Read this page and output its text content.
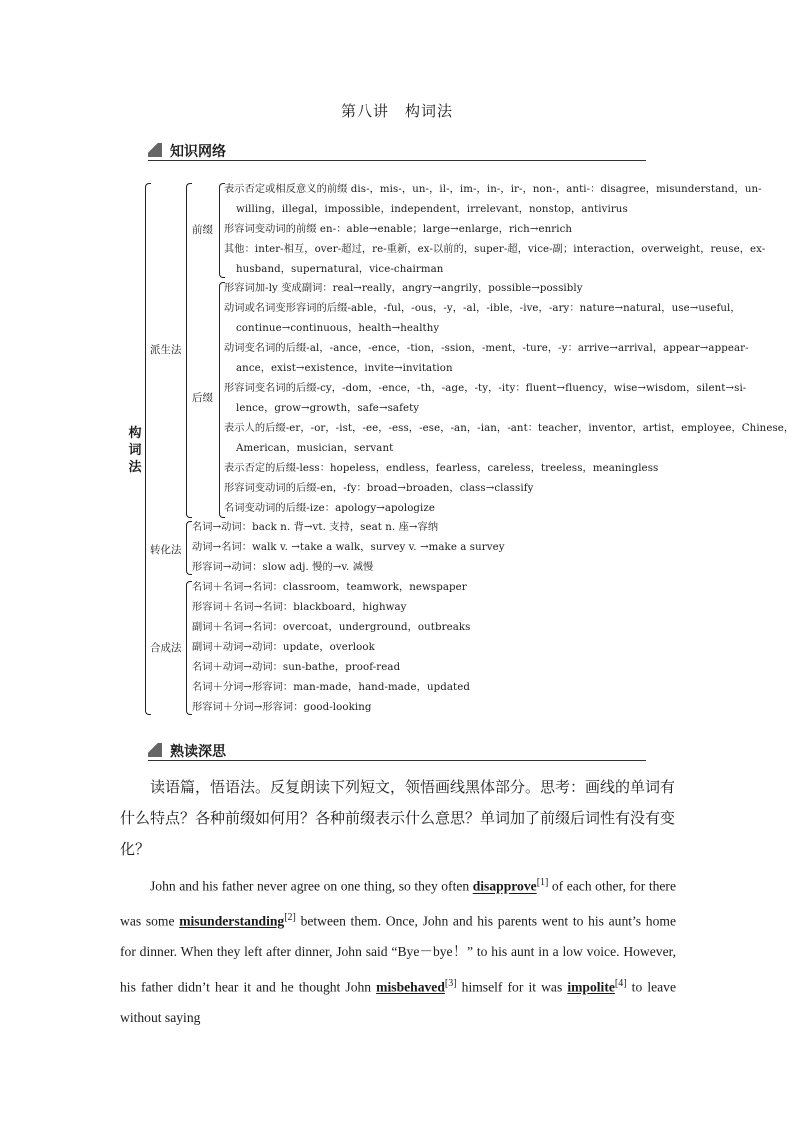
第八讲　构词法
知识网络
构词法
派生法
前缀
表示否定或相反意义的前缀 dis-，mis-，un-，il-，im-，in-，ir-，non-，anti-：disagree，misunderstand，un-
willing，illegal，impossible，independent，irrelevant，nonstop，antivirus
形容词变动词的前缀 en-：able→enable；large→enlarge，rich→enrich
其他：inter-相互，over-超过，re-重新，ex-以前的，super-超，vice-副；interaction，overweight，reuse，ex-
husband，supernatural，vice-chairman
后缀
形容词加-ly 变成副词：real→really，angry→angrily，possible→possibly
动词或名词变形容词的后缀-able，-ful，-ous，-y，-al，-ible，-ive，-ary：nature→natural，use→useful，
continue→continuous，health→healthy
动词变名词的后缀-al，-ance，-ence，-tion，-ssion，-ment，-ture，-y：arrive→arrival，appear→appear-
ance，exist→existence，invite→invitation
形容词变名词的后缀-cy，-dom，-ence，-th，-age，-ty，-ity：fluent→fluency，wise→wisdom，silent→si-
lence，grow→growth，safe→safety
表示人的后缀-er，-or，-ist，-ee，-ess，-ese，-an，-ian，-ant：teacher，inventor，artist，employee，Chinese，
American，musician，servant
表示否定的后缀-less：hopeless，endless，fearless，careless，treeless，meaningless
形容词变动词的后缀-en，-fy：broad→broaden，class→classify
名词变动词的后缀-ize：apology→apologize
转化法
名词→动词：back n. 背→vt. 支持，seat n. 座→容纳
动词→名词：walk v. →take a walk，survey v. →make a survey
形容词→动词：slow adj. 慢的→v. 减慢
合成法
名词＋名词→名词：classroom，teamwork，newspaper
形容词＋名词→名词：blackboard，highway
副词＋名词→名词：overcoat，underground，outbreaks
副词＋动词→动词：update，overlook
名词＋动词→动词：sun-bathe，proof-read
名词＋分词→形容词：man-made，hand-made，updated
形容词＋分词→形容词：good-looking
熟读深思
读语篇，悟语法。反复朗读下列短文，领悟画线黑体部分。思考：画线的单词有什么特点？各种前缀如何用？各种前缀表示什么意思？单词加了前缀后词性有没有变化？
John and his father never agree on one thing, so they often disapprove[1] of each other, for there was some misunderstanding[2] between them. Once, John and his parents went to his aunt’s home for dinner. When they left after dinner, John said “Bye－bye！” to his aunt in a low voice. However, his father didn’t hear it and he thought John misbehaved[3] himself for it was impolite[4] to leave without saying
